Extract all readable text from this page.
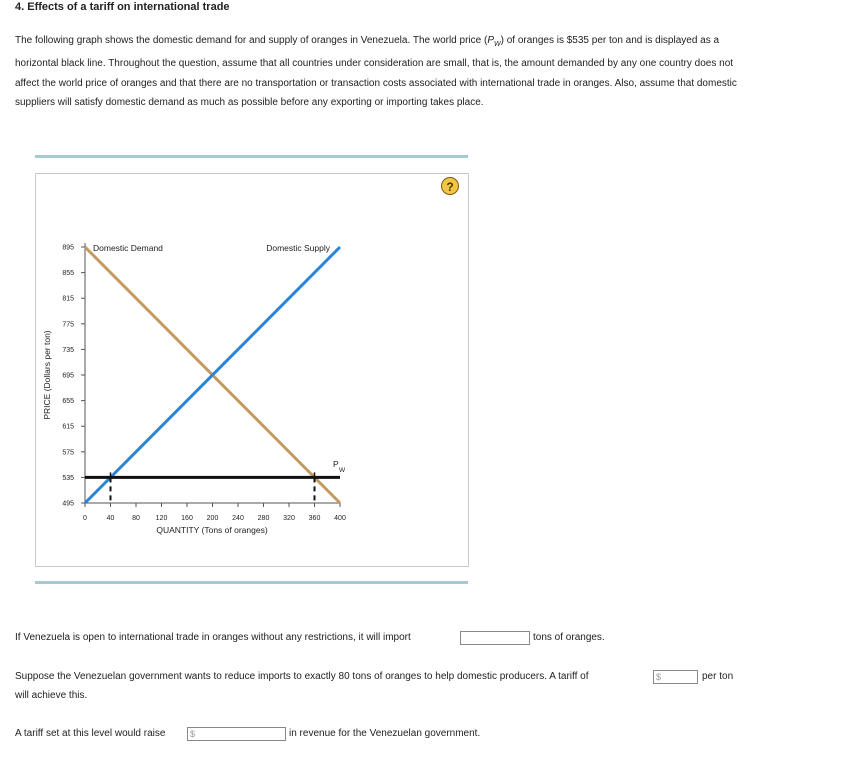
4. Effects of a tariff on international trade
The following graph shows the domestic demand for and supply of oranges in Venezuela. The world price $(P_W)$ of oranges is $535 per ton and is displayed as a horizontal black line. Throughout the question, assume that all countries under consideration are small, that is, the amount demanded by any one country does not affect the world price of oranges and that there are no transportation or transaction costs associated with international trade in oranges. Also, assume that domestic suppliers will satisfy domestic demand as much as possible before any exporting or importing takes place.
?
495
535
575
615
655
695
735
775
815
855
895
0	40	80 120 160 200 240 280 320 360 400
QUANTITY (Tons of oranges)
PRICE (Dollars per ton)
Domestic Demand	Domestic Supply
P
W
If Venezuela is open to international trade in oranges without any restrictions, it will import	tons of oranges.
Suppose the Venezuelan government wants to reduce imports to exactly 80 tons of oranges to help domestic producers. A tariff of	$	per ton
will achieve this.
A tariff set at this level would raise	$	in revenue for the Venezuelan government.
